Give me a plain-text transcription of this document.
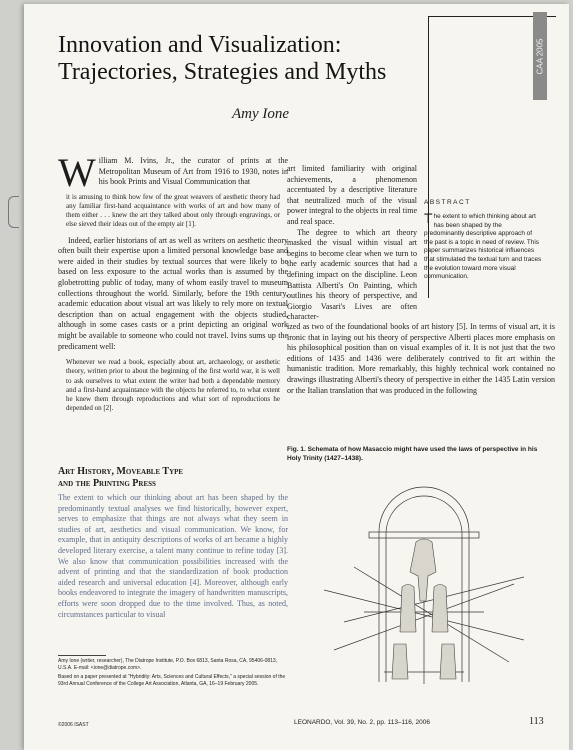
CAA 2005
Innovation and Visualization:
Trajectories, Strategies and Myths
Amy Ione
ABSTRACT
The extent to which thinking about art has been shaped by the predominantly descriptive approach of the past is a topic in need of review. This paper summarizes historical influences that stimulated the textual turn and traces the evolution toward more visual communication.

William M. Ivins, Jr., the curator of prints at the Metropolitan Museum of Art from 1916 to 1930, notes in his book Prints and Visual Communication that

it is amusing to think how few of the great weavers of aesthetic theory had any familiar first-hand acquaintance with works of art and how many of them either . . . knew the art they talked about only through engravings, or else sieved their ideas out of the empty air [1].

Indeed, earlier historians of art as well as writers on aesthetic theory often built their expertise upon a limited personal knowledge base and were aided in their studies by textual sources that were likely to be based on less exposure to the actual works than is assumed by the globetrotting public of today, many of whom easily travel to museum collections throughout the world. Similarly, before the 19th century, academic education about visual art was likely to rely more on textual description than on actual engagement with the objects studied, although in some cases casts or a print depicting an original work might be available to someone who could not travel. Ivins sums up the predicament well:

Whenever we read a book, especially about art, archaeology, or aesthetic theory, written prior to about the beginning of the first world war, it is well to ask ourselves to what extent the writer had both a dependable memory and a first-hand acquaintance with the objects he referred to, to what extent he knew them through reproductions and what sort of reproductions he depended on [2].

Art History, Moveable Type
and the Printing Press
The extent to which our thinking about art has been shaped by the predominantly textual analyses we find historically, however expert, serves to emphasize that things are not always what they seem in studies of art, aesthetics and visual communication. We know, for example, that in antiquity descriptions of works of art became a highly developed literary exercise, a talent many continue to refine today [3]. We also know that communication possibilities increased with the advent of printing and that the standardization of book production aided research and universal education [4]. Moreover, although early books endeavored to integrate the imagery of handwritten manuscripts, efforts were soon dropped due to the time involved. Thus, as noted, circumstances particular to visual

art limited familiarity with original achievements, a phenomenon accentuated by a descriptive literature that neutralized much of the visual power integral to the objects in real time and real space.

The degree to which art theory masked the visual within visual art begins to become clear when we turn to the early academic sources that had a defining impact on the discipline. Leon Battista Alberti's On Painting, which outlines his theory of perspective, and Giorgio Vasari's Lives are often character-

ized as two of the foundational books of art history [5]. In terms of visual art, it is ironic that in laying out his theory of perspective Alberti places more emphasis on his philosophical position than on visual examples of it. It is not just that the two editions of 1435 and 1436 were deliberately contrived to fit art within the humanistic tradition. More remarkably, this highly technical work contained no drawings illustrating Alberti's theory of perspective in either the 1435 Latin version or the Italian translation that was produced in the following
Fig. 1. Schemata of how Masaccio might have used the laws of perspective in his Holy Trinity (1427–1438).

Amy Ione (writer, researcher), The Diatrope Institute, P.O. Box 6813, Santa Rosa, CA, 95406-0813, U.S.A. E-mail: <ione@diatrope.com>.

Based on a paper presented at "Hybridity: Arts, Sciences and Cultural Effects," a special session of the 93rd Annual Conference of the College Art Association, Atlanta, GA, 16–19 February 2005.

©2006 ISAST	LEONARDO, Vol. 39, No. 2, pp. 113–116, 2006	113
